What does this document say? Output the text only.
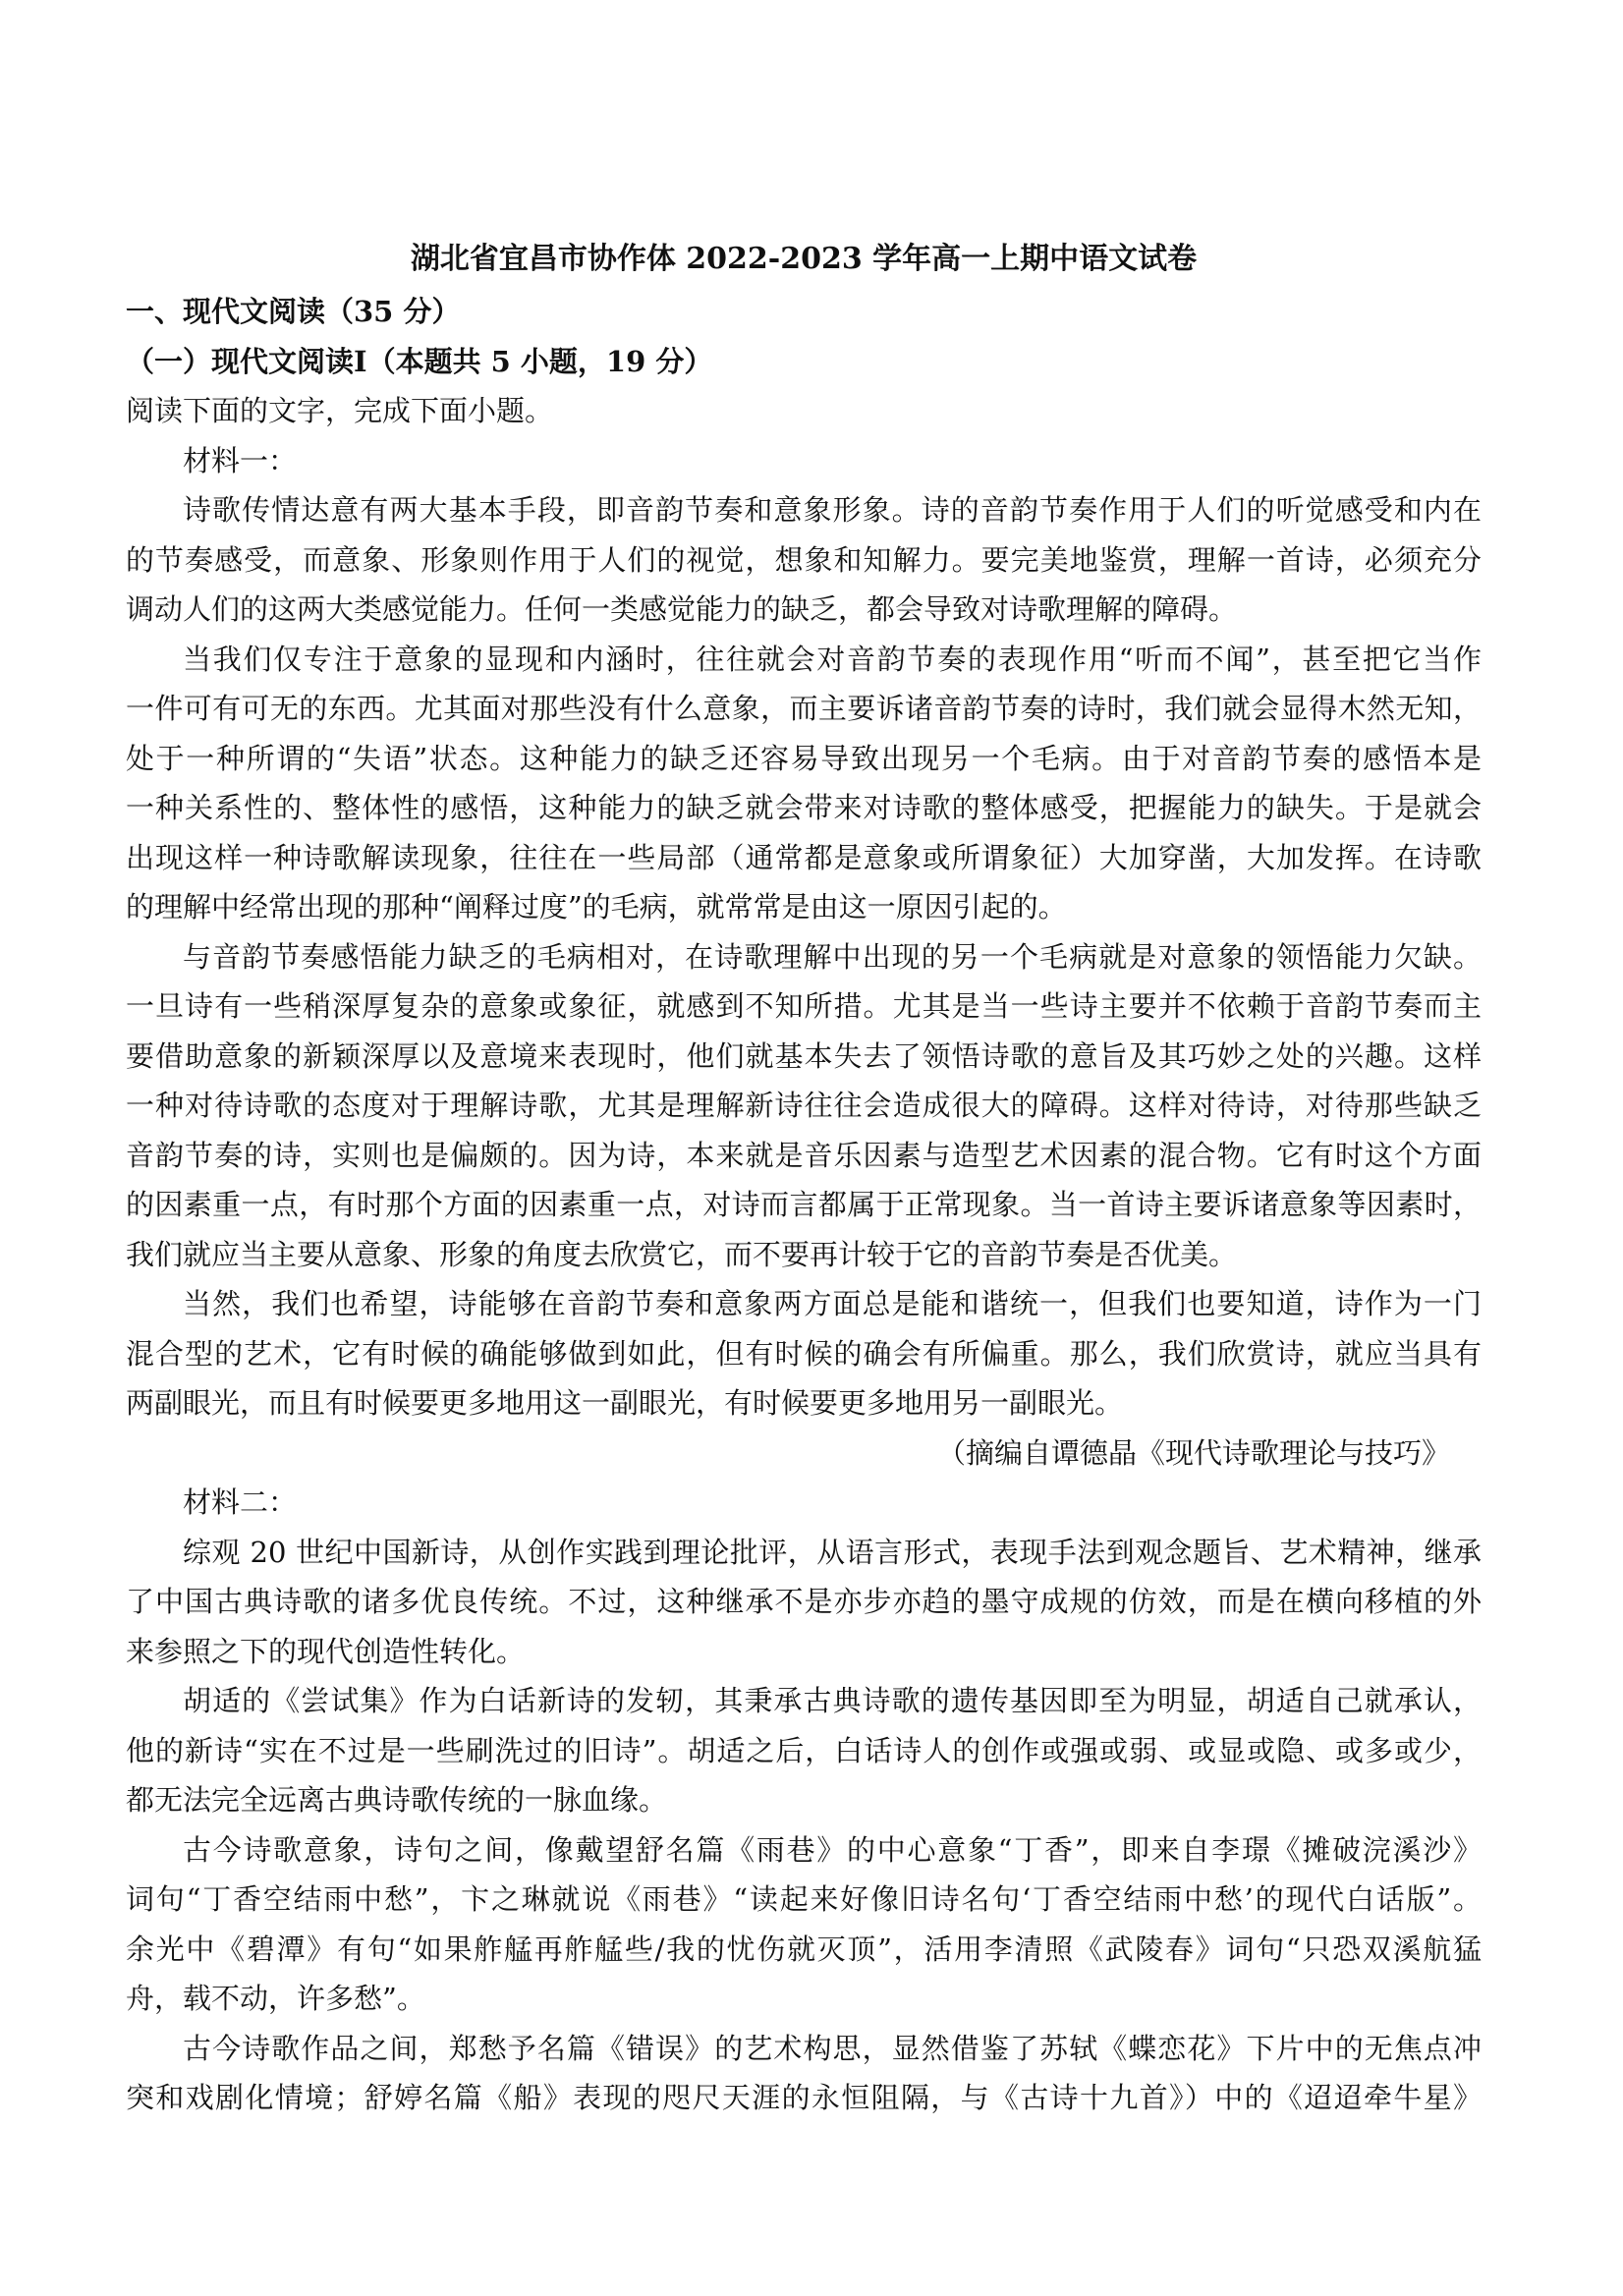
湖北省宜昌市协作体 2022-2023 学年高一上期中语文试卷
一、现代文阅读（35 分）
（一）现代文阅读Ⅰ（本题共 5 小题，19 分）
阅读下面的文字，完成下面小题。
材料一：
诗歌传情达意有两大基本手段，即音韵节奏和意象形象。诗的音韵节奏作用于人们的听觉感受和内在
的节奏感受，而意象、形象则作用于人们的视觉，想象和知解力。要完美地鉴赏，理解一首诗，必须充分
调动人们的这两大类感觉能力。任何一类感觉能力的缺乏，都会导致对诗歌理解的障碍。
当我们仅专注于意象的显现和内涵时，往往就会对音韵节奏的表现作用“听而不闻”，甚至把它当作
一件可有可无的东西。尤其面对那些没有什么意象，而主要诉诸音韵节奏的诗时，我们就会显得木然无知，
处于一种所谓的“失语”状态。这种能力的缺乏还容易导致出现另一个毛病。由于对音韵节奏的感悟本是
一种关系性的、整体性的感悟，这种能力的缺乏就会带来对诗歌的整体感受，把握能力的缺失。于是就会
出现这样一种诗歌解读现象，往往在一些局部（通常都是意象或所谓象征）大加穿凿，大加发挥。在诗歌
的理解中经常出现的那种“阐释过度”的毛病，就常常是由这一原因引起的。
与音韵节奏感悟能力缺乏的毛病相对，在诗歌理解中出现的另一个毛病就是对意象的领悟能力欠缺。
一旦诗有一些稍深厚复杂的意象或象征，就感到不知所措。尤其是当一些诗主要并不依赖于音韵节奏而主
要借助意象的新颖深厚以及意境来表现时，他们就基本失去了领悟诗歌的意旨及其巧妙之处的兴趣。这样
一种对待诗歌的态度对于理解诗歌，尤其是理解新诗往往会造成很大的障碍。这样对待诗，对待那些缺乏
音韵节奏的诗，实则也是偏颇的。因为诗，本来就是音乐因素与造型艺术因素的混合物。它有时这个方面
的因素重一点，有时那个方面的因素重一点，对诗而言都属于正常现象。当一首诗主要诉诸意象等因素时，
我们就应当主要从意象、形象的角度去欣赏它，而不要再计较于它的音韵节奏是否优美。
当然，我们也希望，诗能够在音韵节奏和意象两方面总是能和谐统一，但我们也要知道，诗作为一门
混合型的艺术，它有时候的确能够做到如此，但有时候的确会有所偏重。那么，我们欣赏诗，就应当具有
两副眼光，而且有时候要更多地用这一副眼光，有时候要更多地用另一副眼光。
（摘编自谭德晶《现代诗歌理论与技巧》
材料二：
综观 20 世纪中国新诗，从创作实践到理论批评，从语言形式，表现手法到观念题旨、艺术精神，继承
了中国古典诗歌的诸多优良传统。不过，这种继承不是亦步亦趋的墨守成规的仿效，而是在横向移植的外
来参照之下的现代创造性转化。
胡适的《尝试集》作为白话新诗的发轫，其秉承古典诗歌的遗传基因即至为明显，胡适自己就承认，
他的新诗“实在不过是一些刷洗过的旧诗”。胡适之后，白话诗人的创作或强或弱、或显或隐、或多或少，
都无法完全远离古典诗歌传统的一脉血缘。
古今诗歌意象，诗句之间，像戴望舒名篇《雨巷》的中心意象“丁香”，即来自李璟《摊破浣溪沙》
词句“丁香空结雨中愁”，卞之琳就说《雨巷》“读起来好像旧诗名句‘丁香空结雨中愁’的现代白话版”。
余光中《碧潭》有句“如果舴艋再舴艋些/我的忧伤就灭顶”，活用李清照《武陵春》词句“只恐双溪航猛
舟，载不动，许多愁”。
古今诗歌作品之间，郑愁予名篇《错误》的艺术构思，显然借鉴了苏轼《蝶恋花》下片中的无焦点冲
突和戏剧化情境；舒婷名篇《船》表现的咫尺天涯的永恒阻隔，与《古诗十九首》）中的《迢迢牵牛星》
